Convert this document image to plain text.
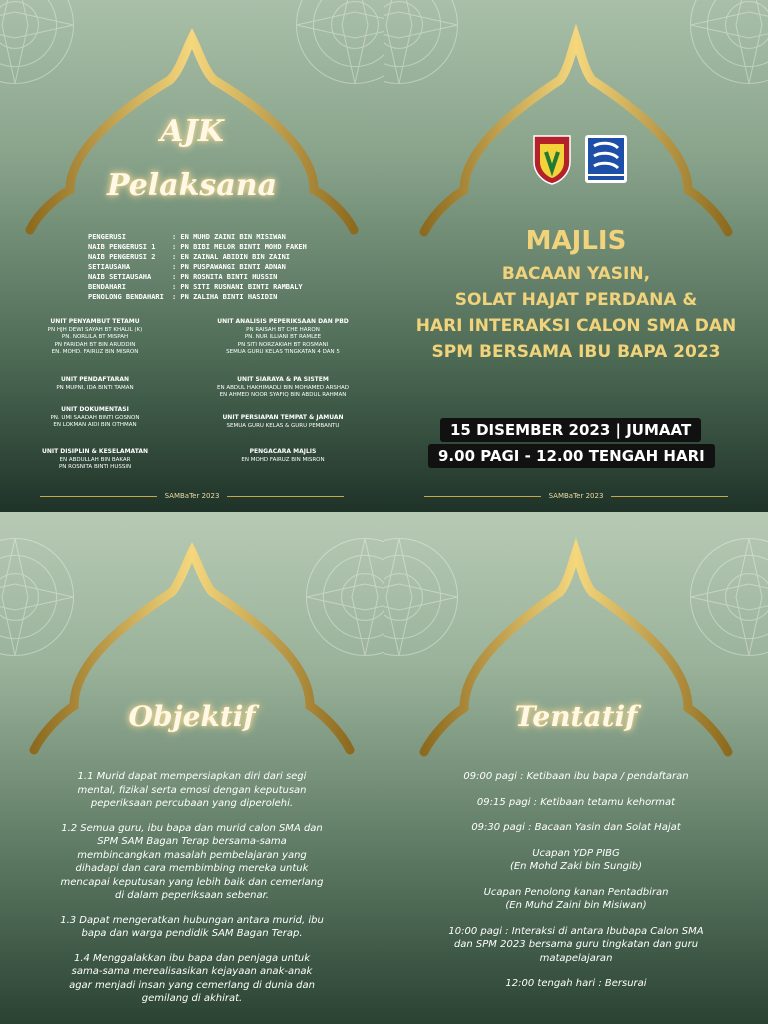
AJK
Pelaksana
PENGERUSI	: EN MUHD ZAINI BIN MISIWAN
NAIB PENGERUSI 1	: PN BIBI MELOR BINTI MOHD FAKEH
NAIB PENGERUSI 2	: EN ZAINAL ABIDIN BIN ZAINI
SETIAUSAHA	: PN PUSPAWANGI BINTI ADNAN
NAIB SETIAUSAHA	: PN ROSNITA BINTI HUSSIN
BENDAHARI	: PN SITI RUSNANI BINTI RAMBALY
PENOLONG BENDAHARI	: PN ZALIHA BINTI HASIDIN
UNIT PENYAMBUT TETAMU
PN HJH DEWI SAYAH BT KHALIL (K)
PN. NORLILA BT MISPAH
PN FARIDAH BT BIN ARUDDIN
EN. MOHD. FAIRUZ BIN MISRON
UNIT PENDAFTARAN
PN MUPNI, IDA BINTI TAMAN
UNIT DOKUMENTASI
PN. UMI SAADAH BINTI GOSNON
EN LOKMAN AIDI BIN OTHMAN
UNIT DISIPLIN & KESELAMATAN
EN ABDULLAH BIN BAKAR
PN ROSNITA BINTI HUSSIN
UNIT ANALISIS PEPERIKSAAN DAN PBD
PN RAISAH BT CHE HARON
PN. NUR ILLIANI BT RAMLEE
PN SITI NORZAKIAH BT ROSMANI
SEMUA GURU KELAS TINGKATAN 4 DAN 5
UNIT SIARAYA & PA SISTEM
EN ABDUL HAKHIMADLI BIN MOHAMED ARSHAD
EN AHMED NOOR SYAFIQ BIN ABDUL RAHMAN
UNIT PERSIAPAN TEMPAT & JAMUAN
SEMUA GURU KELAS & GURU PEMBANTU
PENGACARA MAJLIS
EN MOHD FAIRUZ BIN MISRON
SAMBaTer 2023
MAJLIS
BACAAN YASIN,
SOLAT HAJAT PERDANA &
HARI INTERAKSI CALON SMA DAN
SPM BERSAMA IBU BAPA 2023
15 DISEMBER 2023 | JUMAAT
9.00 PAGI - 12.00 TENGAH HARI
SAMBaTer 2023
Objektif

1.1 Murid dapat mempersiapkan diri dari segi mental, fizikal serta emosi dengan keputusan peperiksaan percubaan yang diperolehi.

1.2 Semua guru, ibu bapa dan murid calon SMA dan SPM SAM Bagan Terap bersama-sama membincangkan masalah pembelajaran yang dihadapi dan cara membimbing mereka untuk mencapai keputusan yang lebih baik dan cemerlang di dalam peperiksaan sebenar.

1.3 Dapat mengeratkan hubungan antara murid, ibu bapa dan warga pendidik SAM Bagan Terap.

1.4 Menggalakkan ibu bapa dan penjaga untuk sama-sama merealisasikan kejayaan anak-anak agar menjadi insan yang cemerlang di dunia dan gemilang di akhirat.

Tentatif

09:00 pagi : Ketibaan ibu bapa / pendaftaran

09:15 pagi : Ketibaan tetamu kehormat

09:30 pagi : Bacaan Yasin dan Solat Hajat

Ucapan YDP PIBG
(En Mohd Zaki bin Sungib)

Ucapan Penolong kanan Pentadbiran
(En Muhd Zaini bin Misiwan)

10:00 pagi : Interaksi di antara Ibubapa Calon SMA dan SPM 2023 bersama guru tingkatan dan guru matapelajaran

12:00 tengah hari : Bersurai
